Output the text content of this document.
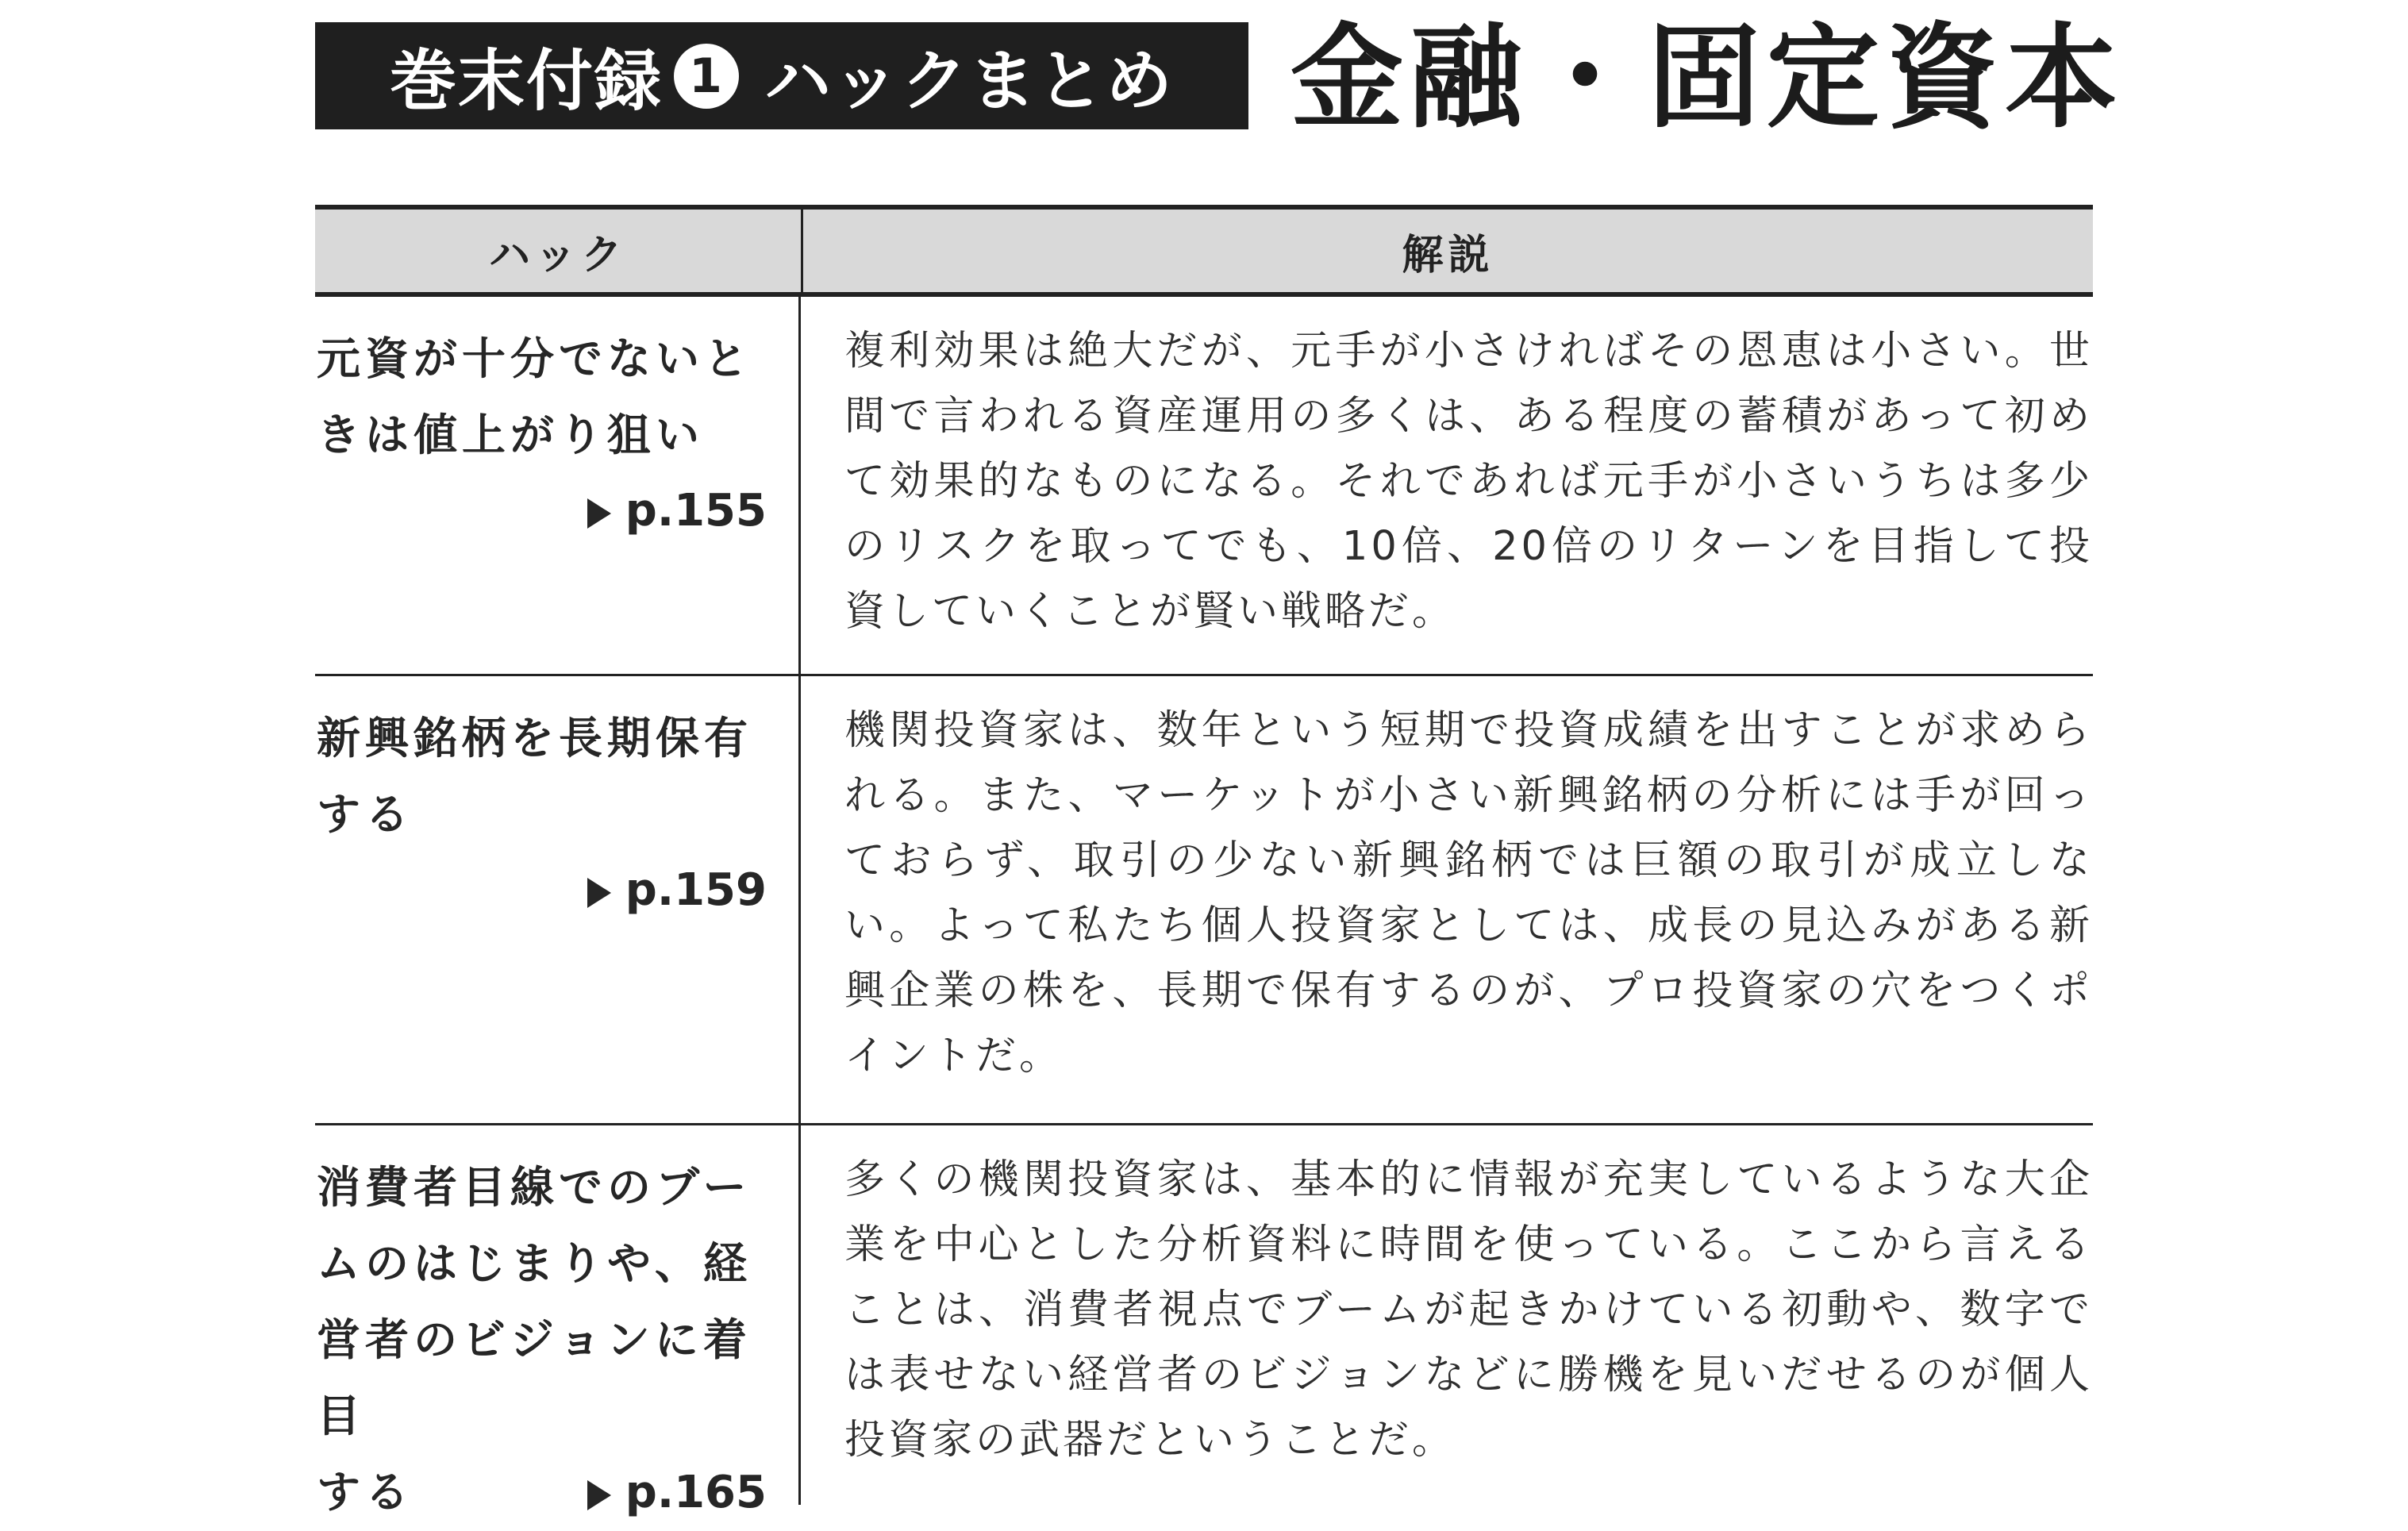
巻末付録 1 ハックまとめ 金融・固定資本
ハック	解説
元資が十分でないときは値上がり狙い
p.155
複利効果は絶大だが、元手が小さければその恩恵は小さい。世間で言われる資産運用の多くは、ある程度の蓄積があって初めて効果的なものになる。それであれば元手が小さいうちは多少のリスクを取ってでも、10倍、20倍のリターンを目指して投資していくことが賢い戦略だ。
新興銘柄を長期保有する
p.159
機関投資家は、数年という短期で投資成績を出すことが求められる。また、マーケットが小さい新興銘柄の分析には手が回っておらず、取引の少ない新興銘柄では巨額の取引が成立しない。よって私たち個人投資家としては、成長の見込みがある新興企業の株を、長期で保有するのが、プロ投資家の穴をつくポイントだ。
消費者目線でのブームのはじまりや、経営者のビジョンに着目
する	p.165
多くの機関投資家は、基本的に情報が充実しているような大企業を中心とした分析資料に時間を使っている。ここから言えることは、消費者視点でブームが起きかけている初動や、数字では表せない経営者のビジョンなどに勝機を見いだせるのが個人投資家の武器だということだ。
